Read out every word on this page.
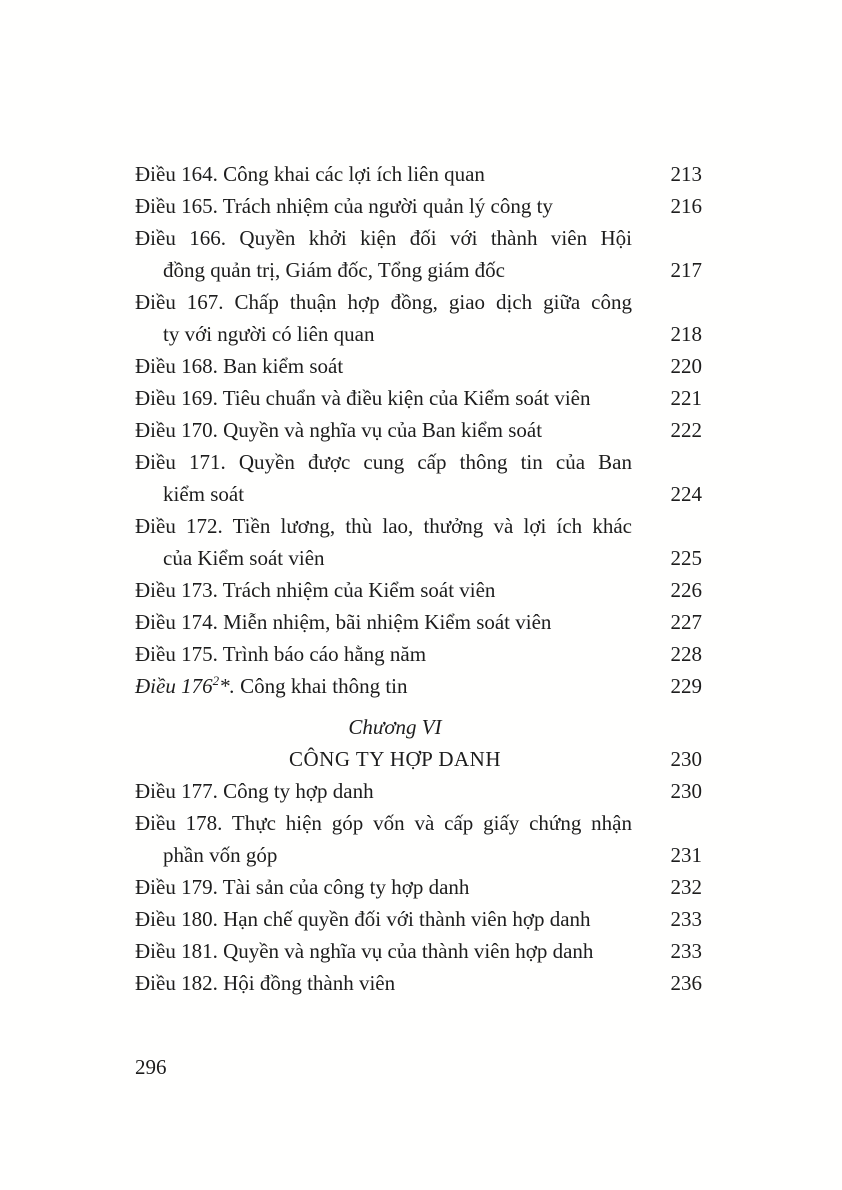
Điều 164. Công khai các lợi ích liên quan	213
Điều 165. Trách nhiệm của người quản lý công ty	216
Điều 166. Quyền khởi kiện đối với thành viên Hội
đồng quản trị, Giám đốc, Tổng giám đốc	217
Điều 167. Chấp thuận hợp đồng, giao dịch giữa công
ty với người có liên quan	218
Điều 168. Ban kiểm soát	220
Điều 169. Tiêu chuẩn và điều kiện của Kiểm soát viên	221
Điều 170. Quyền và nghĩa vụ của Ban kiểm soát	222
Điều 171. Quyền được cung cấp thông tin của Ban
kiểm soát	224
Điều 172. Tiền lương, thù lao, thưởng và lợi ích khác
của Kiểm soát viên	225
Điều 173. Trách nhiệm của Kiểm soát viên	226
Điều 174. Miễn nhiệm, bãi nhiệm Kiểm soát viên	227
Điều 175. Trình báo cáo hằng năm	228
Điều $176^2*$. Công khai thông tin	229
Chương VI
CÔNG TY HỢP DANH	230
Điều 177. Công ty hợp danh	230
Điều 178. Thực hiện góp vốn và cấp giấy chứng nhận
phần vốn góp	231
Điều 179. Tài sản của công ty hợp danh	232
Điều 180. Hạn chế quyền đối với thành viên hợp danh	233
Điều 181. Quyền và nghĩa vụ của thành viên hợp danh	233
Điều 182. Hội đồng thành viên	236
296
